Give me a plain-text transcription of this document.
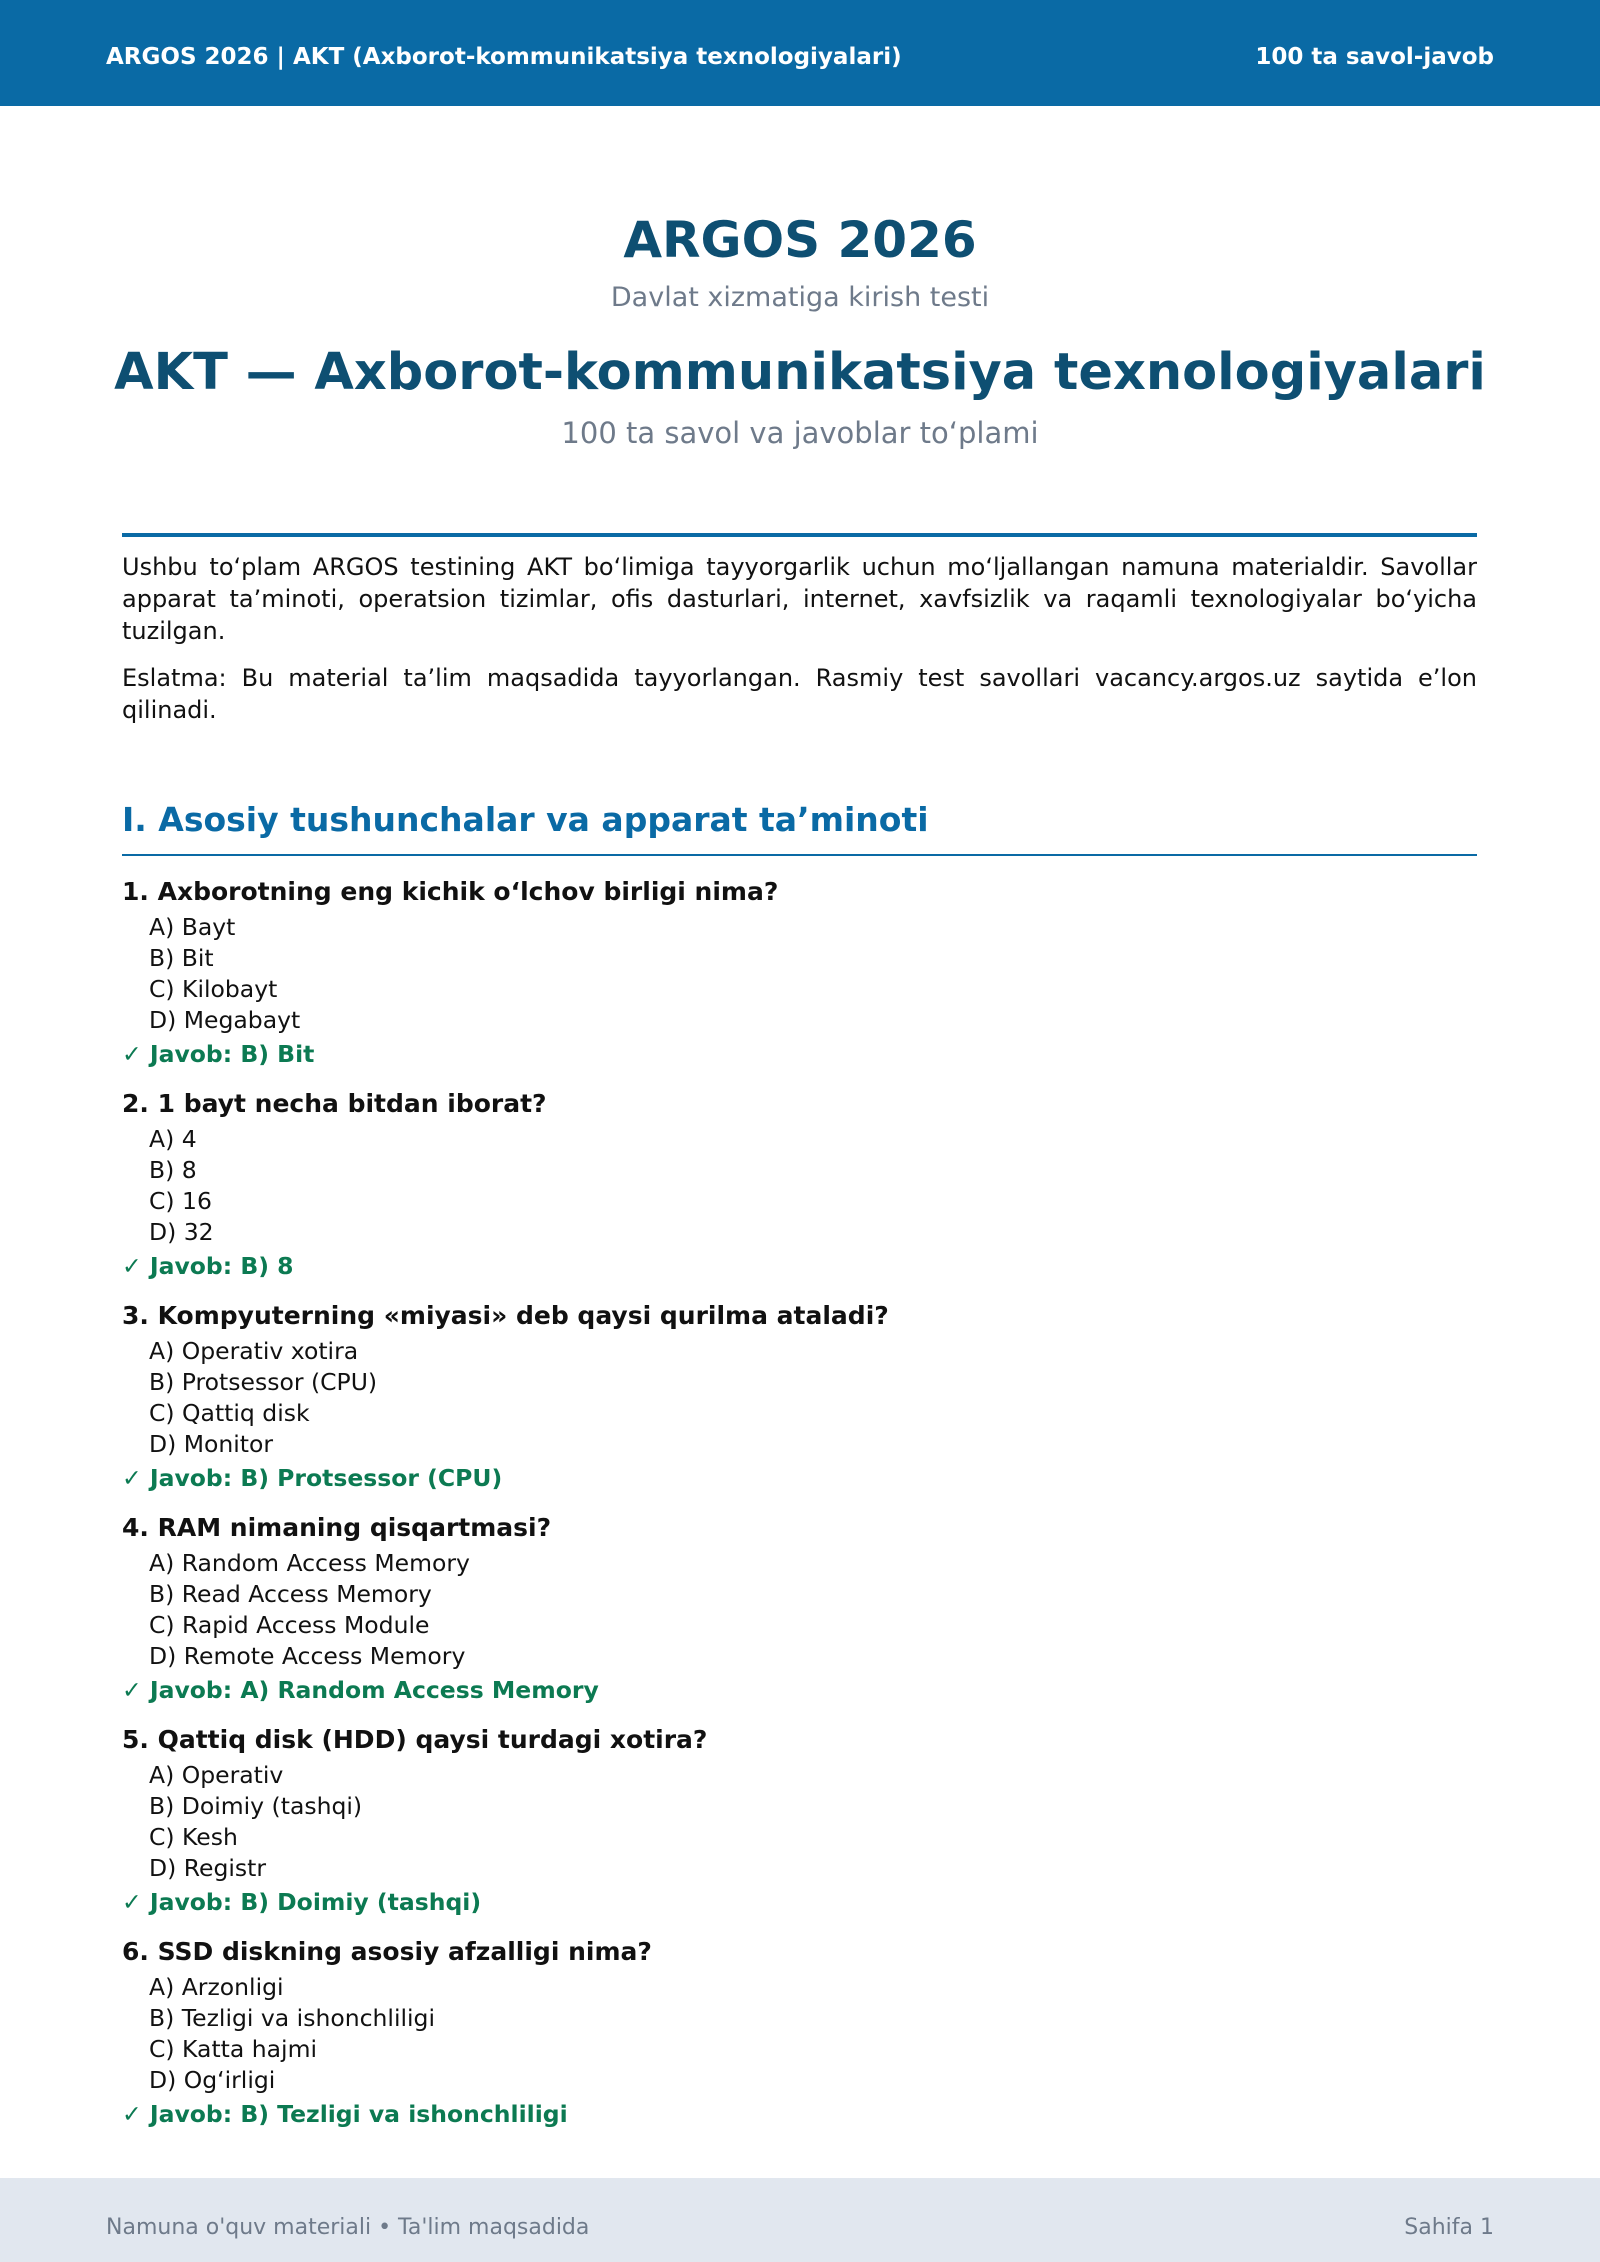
ARGOS 2026 | AKT (Axborot-kommunikatsiya texnologiyalari)	100 ta savol-javob
ARGOS 2026
Davlat xizmatiga kirish testi
AKT — Axborot-kommunikatsiya texnologiyalari
100 ta savol va javoblar to‘plami

Ushbu to‘plam ARGOS testining AKT bo‘limiga tayyorgarlik uchun mo‘ljallangan namuna materialdir. Savollar apparat ta’minoti, operatsion tizimlar, ofis dasturlari, internet, xavfsizlik va raqamli texnologiyalar bo‘yicha tuzilgan.

Eslatma: Bu material ta’lim maqsadida tayyorlangan. Rasmiy test savollari vacancy.argos.uz saytida e’lon qilinadi.

I. Asosiy tushunchalar va apparat ta’minoti
1. Axborotning eng kichik o‘lchov birligi nima?
A) Bayt
B) Bit
C) Kilobayt
D) Megabayt
✓ Javob: B) Bit
2. 1 bayt necha bitdan iborat?
A) 4
B) 8
C) 16
D) 32
✓ Javob: B) 8
3. Kompyuterning «miyasi» deb qaysi qurilma ataladi?
A) Operativ xotira
B) Protsessor (CPU)
C) Qattiq disk
D) Monitor
✓ Javob: B) Protsessor (CPU)
4. RAM nimaning qisqartmasi?
A) Random Access Memory
B) Read Access Memory
C) Rapid Access Module
D) Remote Access Memory
✓ Javob: A) Random Access Memory
5. Qattiq disk (HDD) qaysi turdagi xotira?
A) Operativ
B) Doimiy (tashqi)
C) Kesh
D) Registr
✓ Javob: B) Doimiy (tashqi)
6. SSD diskning asosiy afzalligi nima?
A) Arzonligi
B) Tezligi va ishonchliligi
C) Katta hajmi
D) Og‘irligi
✓ Javob: B) Tezligi va ishonchliligi
Namuna o'quv materiali • Ta'lim maqsadida	Sahifa 1
